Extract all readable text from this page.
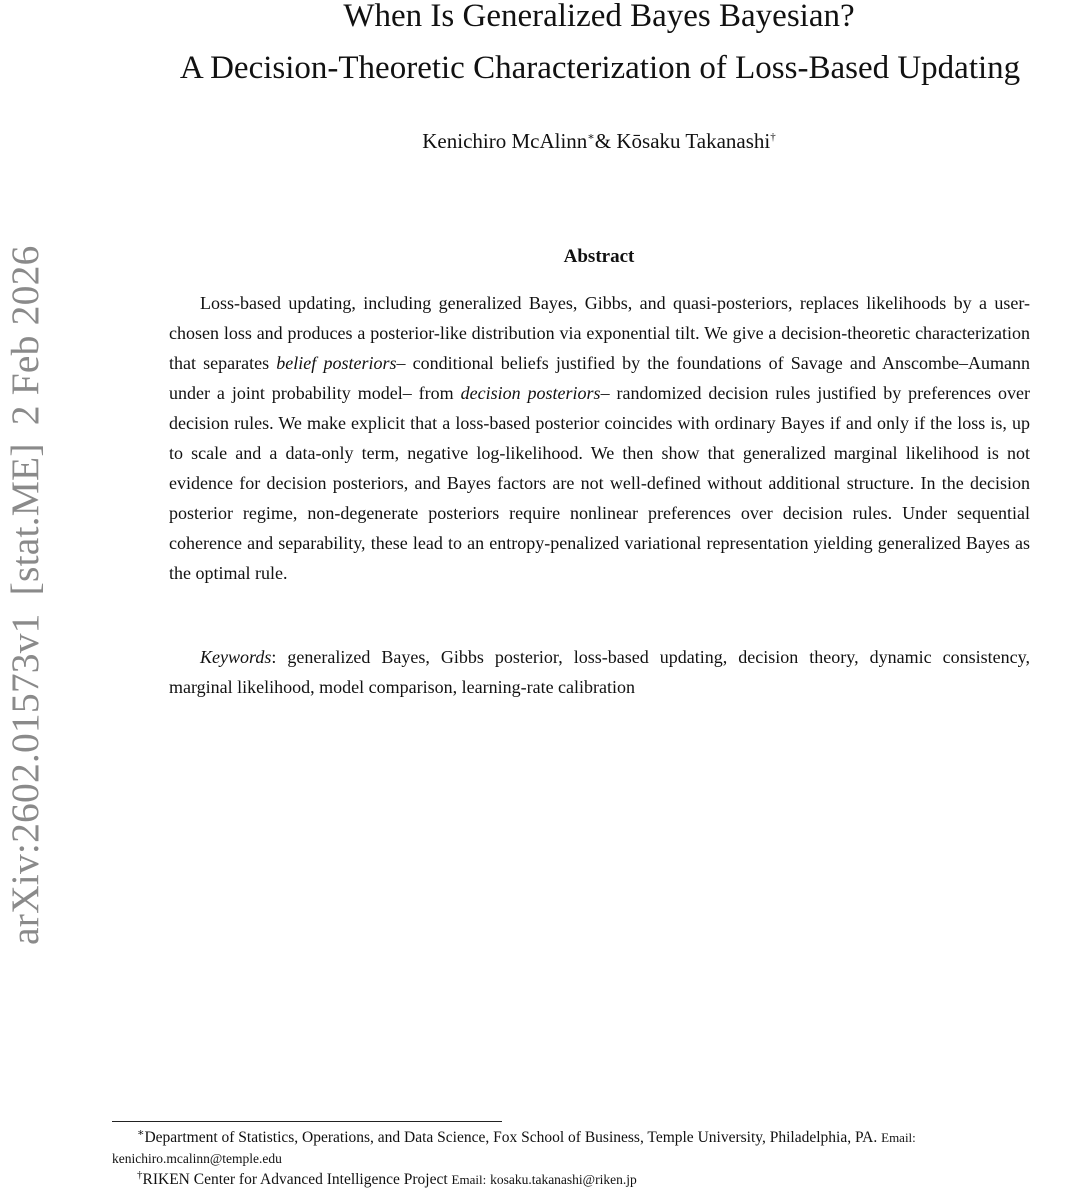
arXiv:2602.01573v1[stat.ME]2 Feb 2026
When Is Generalized Bayes Bayesian?
A Decision-Theoretic Characterization of Loss-Based Updating
Kenichiro McAlinn∗& Kōsaku Takanashi†
Abstract
Loss-based updating, including generalized Bayes, Gibbs, and quasi-posteriors, replaces likelihoods by a user-chosen loss and produces a posterior-like distribution via exponential tilt. We give a decision-theoretic characterization that separates belief posteriors– conditional beliefs justified by the foundations of Savage and Anscombe–Aumann under a joint probability model– from decision posteriors– randomized decision rules justified by preferences over decision rules. We make explicit that a loss-based posterior coincides with ordinary Bayes if and only if the loss is, up to scale and a data-only term, negative log-likelihood. We then show that generalized marginal likelihood is not evidence for decision posteriors, and Bayes factors are not well-defined without additional structure. In the decision posterior regime, non-degenerate posteriors require nonlinear preferences over decision rules. Under sequential coherence and separability, these lead to an entropy-penalized variational representation yielding generalized Bayes as the optimal rule.
Keywords: generalized Bayes, Gibbs posterior, loss-based updating, decision theory, dynamic consistency, marginal likelihood, model comparison, learning-rate calibration
∗Department of Statistics, Operations, and Data Science, Fox School of Business, Temple University, Philadelphia, PA. Email:
kenichiro.mcalinn@temple.edu
†RIKEN Center for Advanced Intelligence Project Email: kosaku.takanashi@riken.jp
